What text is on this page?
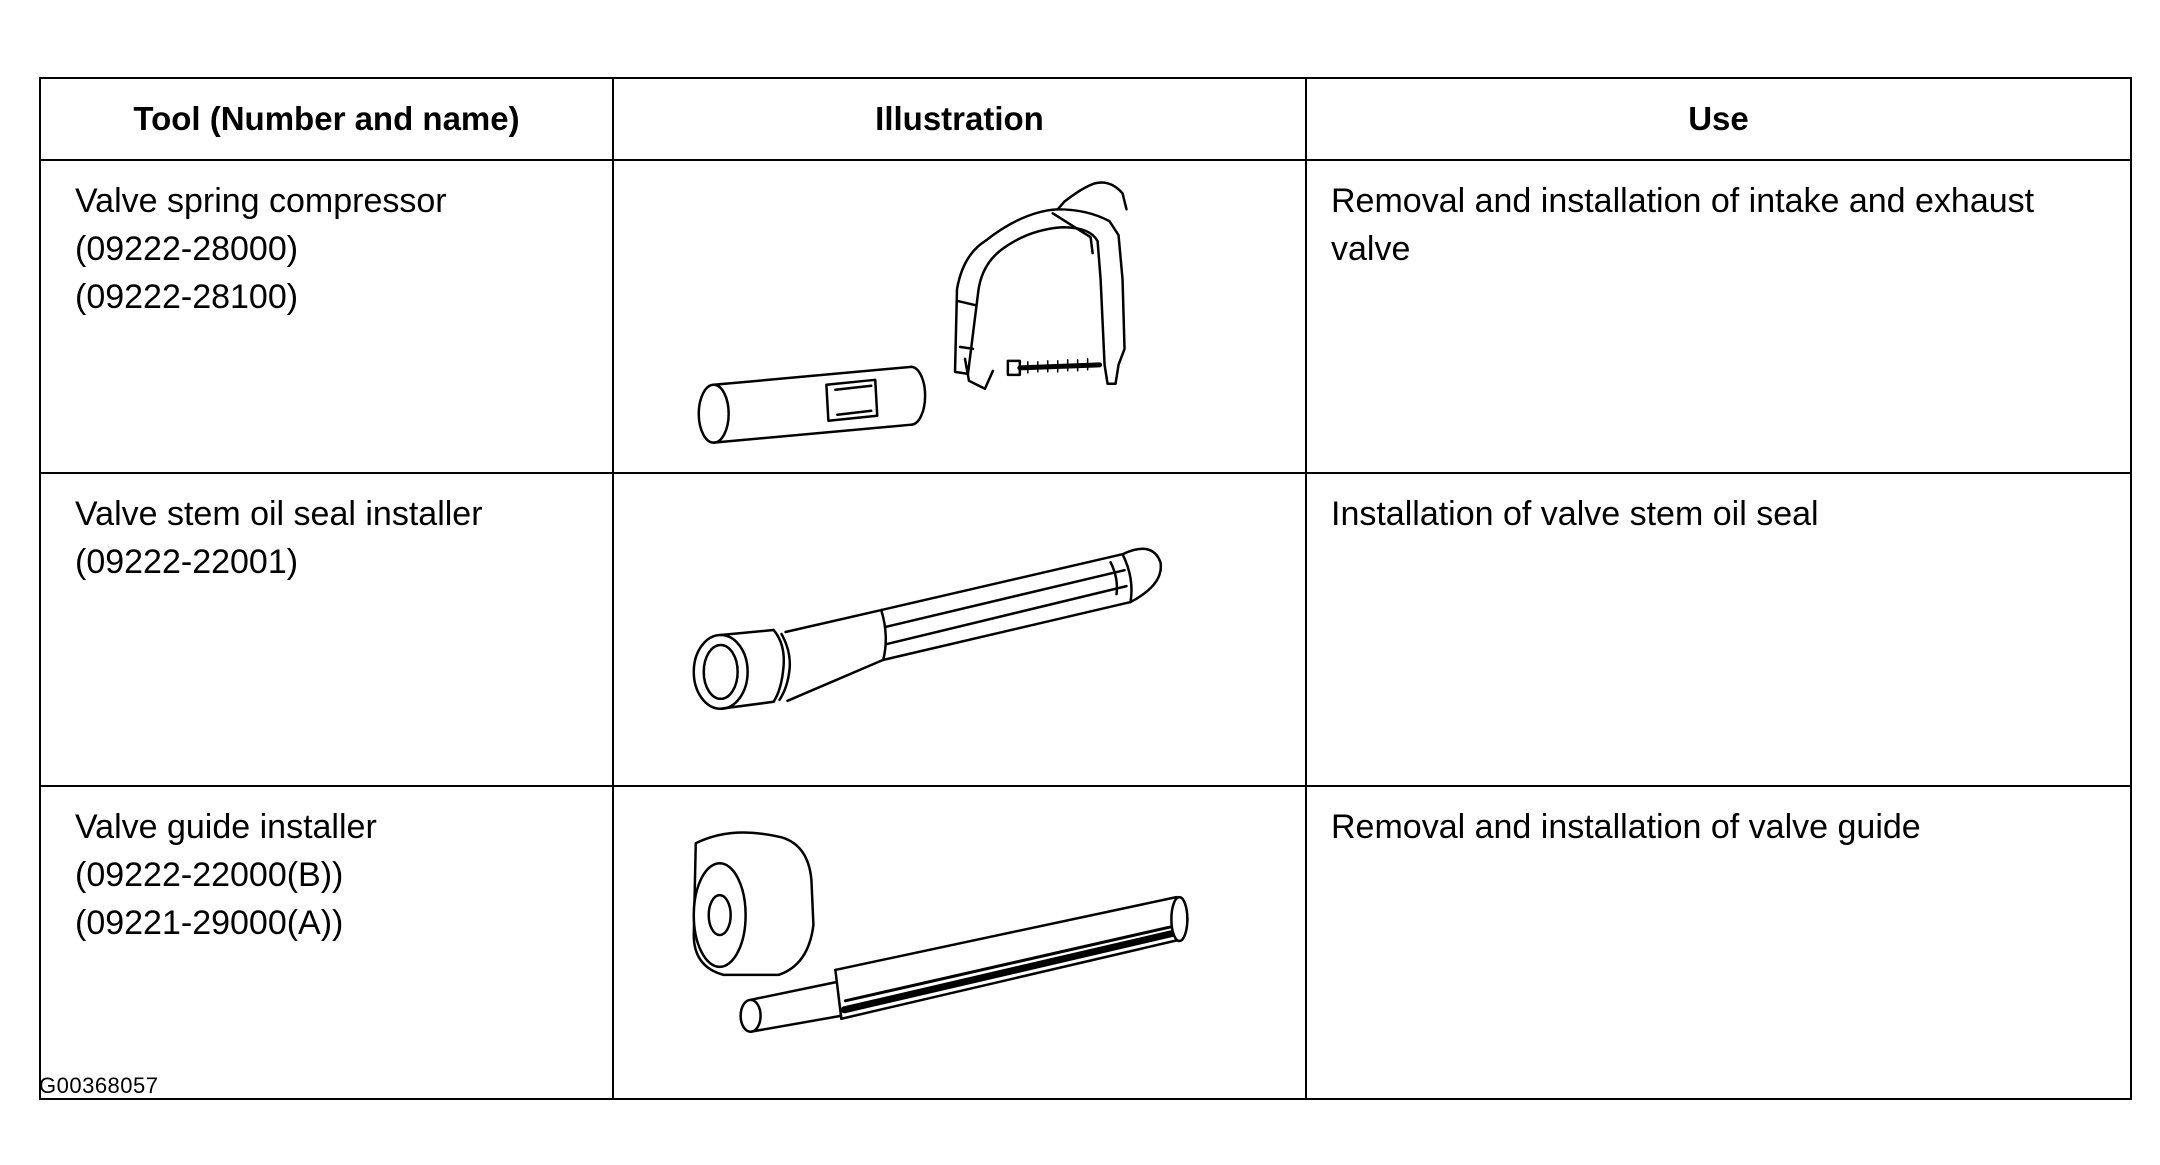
Tool (Number and name)	Illustration	Use

Valve spring compressor
(09222-28000)
(09222-28100)		Removal and installation of intake and exhaust valve

Valve stem oil seal installer
(09222-22001)		Installation of valve stem oil seal

Valve guide installer
(09222-22000(B))
(09221-29000(A))		Removal and installation of valve guide
G00368057
